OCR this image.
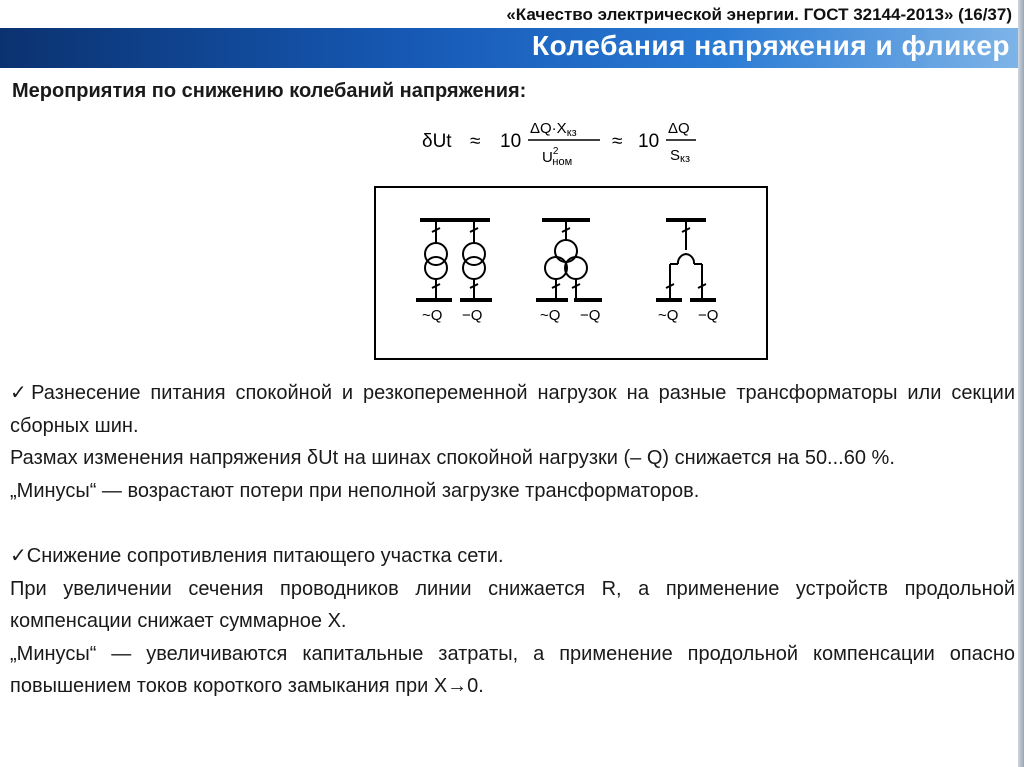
«Качество электрической энергии. ГОСТ 32144-2013» (16/37)
Колебания напряжения и фликер
Мероприятия по снижению колебаний напряжения:
δUt ≈ 10
$\Delta Q\cdot X_{кз}$
$U^2$ ном
≈ 10
ΔQ
Sкз
~Q −Q	~Q −Q	~Q −Q

✓Разнесение питания спокойной и резкопеременной нагрузок на разные трансформаторы или секции сборных шин.

Размах изменения напряжения δUt на шинах спокойной нагрузки (– Q) снижается на 50...60 %.

„Минусы“ — возрастают потери при неполной загрузке трансформаторов.

✓Снижение сопротивления питающего участка сети.

При увеличении сечения проводников линии снижается R, а применение устройств продольной компенсации снижает суммарное X.

„Минусы“ — увеличиваются капитальные затраты, а применение продольной компенсации опасно повышением токов короткого замыкания при X→0.
